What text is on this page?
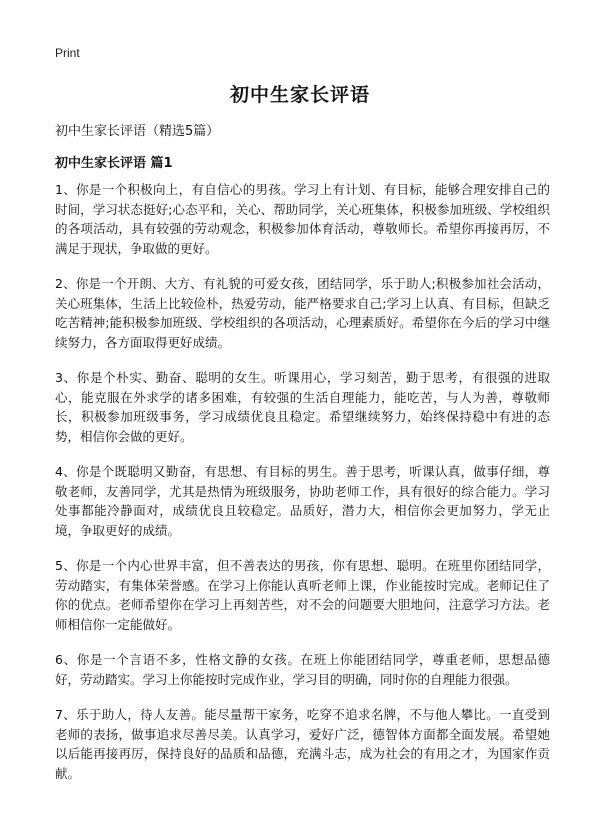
Print
初中生家长评语
初中生家长评语（精选5篇）
初中生家长评语 篇1

1、你是一个积极向上，有自信心的男孩。学习上有计划、有目标，能够合理安排自己的时间，学习状态挺好;心态平和，关心、帮助同学，关心班集体，积极参加班级、学校组织的各项活动，具有较强的劳动观念，积极参加体育活动，尊敬师长。希望你再接再厉，不满足于现状，争取做的更好。

2、你是一个开朗、大方、有礼貌的可爱女孩，团结同学，乐于助人;积极参加社会活动，关心班集体，生活上比较俭朴，热爱劳动，能严格要求自己;学习上认真、有目标，但缺乏吃苦精神;能积极参加班级、学校组织的各项活动，心理素质好。希望你在今后的学习中继续努力，各方面取得更好成绩。

3、你是个朴实、勤奋、聪明的女生。听课用心，学习刻苦，勤于思考，有很强的进取心，能克服在外求学的诸多困难，有较强的生活自理能力，能吃苦，与人为善，尊敬师长，积极参加班级事务，学习成绩优良且稳定。希望继续努力，始终保持稳中有进的态势，相信你会做的更好。

4、你是个既聪明又勤奋，有思想、有目标的男生。善于思考，听课认真，做事仔细，尊敬老师，友善同学，尤其是热情为班级服务，协助老师工作，具有很好的综合能力。学习处事都能冷静面对，成绩优良且较稳定。品质好，潜力大，相信你会更加努力，学无止境，争取更好的成绩。

5、你是一个内心世界丰富，但不善表达的男孩，你有思想、聪明。在班里你团结同学，劳动踏实，有集体荣誉感。在学习上你能认真听老师上课，作业能按时完成。老师记住了你的优点。老师希望你在学习上再刻苦些，对不会的问题要大胆地问，注意学习方法。老师相信你一定能做好。

6、你是一个言语不多，性格文静的女孩。在班上你能团结同学，尊重老师，思想品德好，劳动踏实。学习上你能按时完成作业，学习目的明确，同时你的自理能力很强。

7、乐于助人，待人友善。能尽量帮干家务，吃穿不追求名牌，不与他人攀比。一直受到老师的表扬，做事追求尽善尽美。认真学习，爱好广泛，德智体方面都全面发展。希望她以后能再接再厉，保持良好的品质和品德，充满斗志，成为社会的有用之才，为国家作贡献。
